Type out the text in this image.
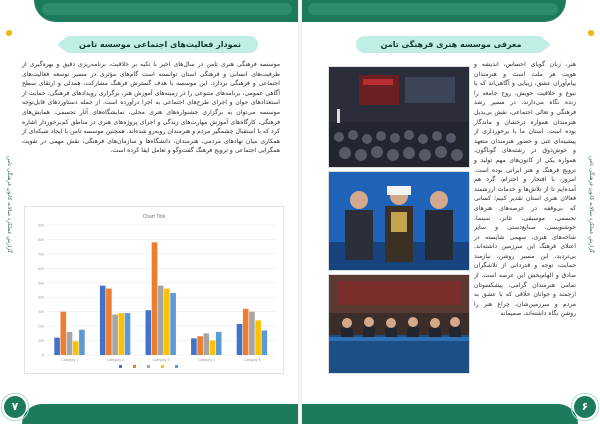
گزارش عملکرد سالانه کانون فرهنگی تامن
نمودار فعالیت‌های اجتماعی موسسه تامن
موسسه فرهنگی هنری تامن در سال‌های اخیر با تکیه بر خلاقیت، برنامه‌ریزی دقیق و بهره‌گیری از ظرفیت‌های انسانی و فرهنگی استان توانسته است گام‌های مؤثری در مسیر توسعه فعالیت‌های اجتماعی و فرهنگی بردارد. این موسسه با هدف گسترش فرهنگ مشارکت، همدلی و ارتقای سطح آگاهی عمومی، برنامه‌های متنوعی را در زمینه‌های آموزش هنر، برگزاری رویدادهای فرهنگی، حمایت از استعدادهای جوان و اجرای طرح‌های اجتماعی به اجرا درآورده است. از جمله دستاوردهای قابل‌توجه موسسه می‌توان به برگزاری جشنواره‌های هنری محلی، نمایشگاه‌های آثار تجسمی، همایش‌های فرهنگی، کارگاه‌های آموزش مهارت‌های زندگی و اجرای پروژه‌های هنری در مناطق کم‌برخوردار اشاره کرد که با استقبال چشمگیر مردم و هنرمندان روبه‌رو شده‌اند. همچنین موسسه تامن با ایجاد شبکه‌ای از همکاری میان نهادهای مردمی، هنرمندان، دانشگاه‌ها و سازمان‌های فرهنگی، نقش مهمی در تقویت همگرایی اجتماعی و ترویج فرهنگ گفت‌وگو و تعامل ایفا کرده است.
Chart Title
0
100
200
300
400
500
600
700
800
900
Category 1	Category 2	Category 3	Category 4	Category 5
۷
گزارش عملکرد سالانه کانون فرهنگی تامن
معرفی موسسه هنری فرهنگی تامن
هنر، زبان گویای احساس، اندیشه و هویت هر ملت است و هنرمندان پیام‌آوران عشق، زیبایی و آگاهی‌اند که با نبوغ و خلاقیت خویش، روح جامعه را زنده نگاه می‌دارند. در مسیر رشد فرهنگی و تعالی اجتماعی، نقش بی‌بدیل هنرمندان همواره درخشان و ماندگار بوده است. استان ما با برخورداری از پیشینه‌ای غنی و حضور هنرمندان متعهد و خوش‌ذوق در رشته‌های گوناگون، همواره یکی از کانون‌های مهم تولید و ترویج فرهنگ و هنر ایرانی بوده است. امروز، با افتخار و احترام، گرد هم آمده‌ایم تا از تلاش‌ها و خدمات ارزشمند فعالان هنری استان تقدیر کنیم؛ کسانی که بی‌وقفه در عرصه‌های هنرهای تجسمی، موسیقی، تئاتر، سینما، خوشنویسی، صنایع‌دستی و سایر شاخه‌های هنری، سهمی شایسته در اعتلای فرهنگ این سرزمین داشته‌اند. بی‌تردید، این مسیر روشن، نیازمند حمایت، توجه و قدردانی از تلاشگران صادق و الهام‌بخش این عرصه است. از تمامی هنرمندان گرامی، پیشکسوتان ارجمند و جوانان خلاقی که با عشق به مردم و سرزمین‌شان، چراغ هنر را روشن نگاه داشته‌اند، صمیمانه
۶
